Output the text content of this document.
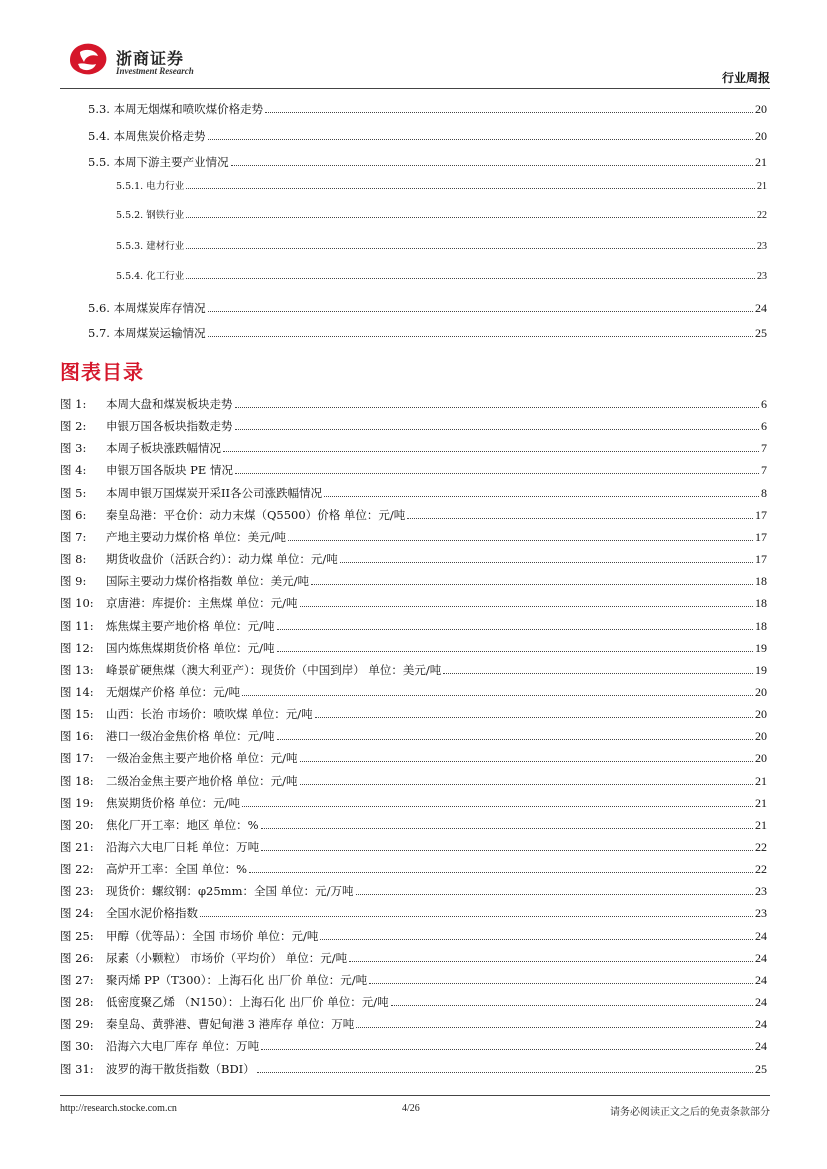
浙商证券
Investment Research	行业周报
5.3. 本周无烟煤和喷吹煤价格走势	20
5.4. 本周焦炭价格走势	20
5.5. 本周下游主要产业情况	21
5.5.1. 电力行业	21
5.5.2. 钢铁行业	22
5.5.3. 建材行业	23
5.5.4. 化工行业	23
5.6. 本周煤炭库存情况	24
5.7. 本周煤炭运输情况	25
图表目录
图 1:	本周大盘和煤炭板块走势	6
图 2:	申银万国各板块指数走势	6
图 3:	本周子板块涨跌幅情况	7
图 4:	申银万国各版块 PE 情况	7
图 5:	本周申银万国煤炭开采II各公司涨跌幅情况	8
图 6:	秦皇岛港：平仓价：动力末煤（Q5500）价格 单位：元/吨	17
图 7:	产地主要动力煤价格 单位：美元/吨	17
图 8:	期货收盘价（活跃合约）：动力煤 单位：元/吨	17
图 9:	国际主要动力煤价格指数 单位：美元/吨	18
图 10:	京唐港：库提价：主焦煤 单位：元/吨	18
图 11:	炼焦煤主要产地价格 单位：元/吨	18
图 12:	国内炼焦煤期货价格 单位：元/吨	19
图 13:	峰景矿硬焦煤（澳大利亚产）：现货价（中国到岸） 单位：美元/吨	19
图 14:	无烟煤产价格 单位：元/吨	20
图 15:	山西：长治 市场价：喷吹煤 单位：元/吨	20
图 16:	港口一级冶金焦价格 单位：元/吨	20
图 17:	一级冶金焦主要产地价格 单位：元/吨	20
图 18:	二级冶金焦主要产地价格 单位：元/吨	21
图 19:	焦炭期货价格 单位：元/吨	21
图 20:	焦化厂开工率：地区 单位：%	21
图 21:	沿海六大电厂日耗 单位：万吨	22
图 22:	高炉开工率：全国 单位：%	22
图 23:	现货价：螺纹钢：φ25mm：全国 单位：元/万吨	23
图 24:	全国水泥价格指数	23
图 25:	甲醇（优等品）：全国 市场价 单位：元/吨	24
图 26:	尿素（小颗粒） 市场价（平均价） 单位：元/吨	24
图 27:	聚丙烯 PP（T300）：上海石化 出厂价 单位：元/吨	24
图 28:	低密度聚乙烯 （N150）：上海石化 出厂价 单位：元/吨	24
图 29:	秦皇岛、黄骅港、曹妃甸港 3 港库存 单位：万吨	24
图 30:	沿海六大电厂库存 单位：万吨	24
图 31:	波罗的海干散货指数（BDI）	25
http://research.stocke.com.cn	4/26	请务必阅读正文之后的免责条款部分
